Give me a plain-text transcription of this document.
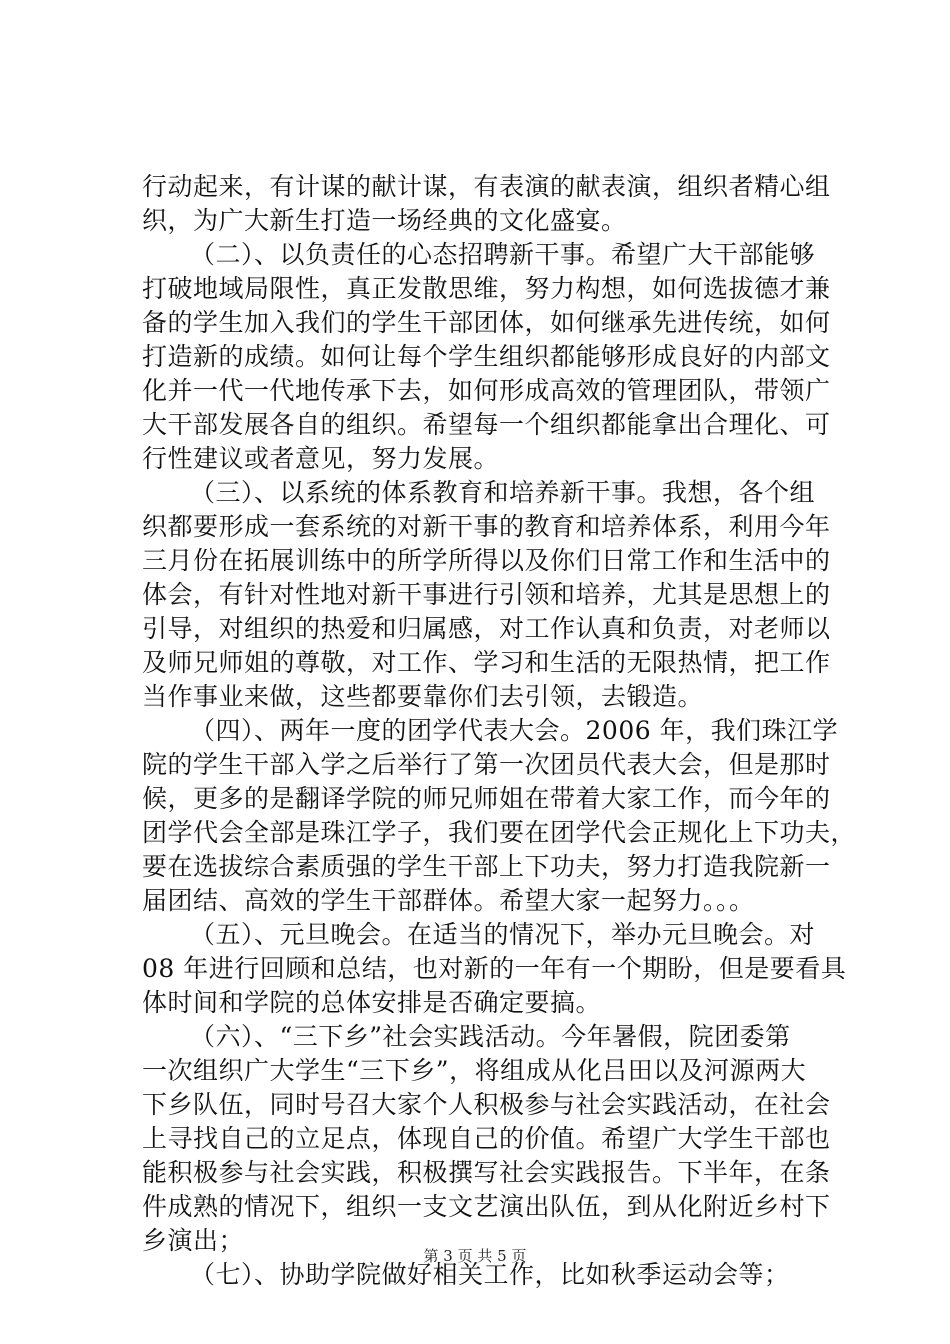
行动起来，有计谋的献计谋，有表演的献表演，组织者精心组
织，为广大新生打造一场经典的文化盛宴。
（二）、以负责任的心态招聘新干事。希望广大干部能够
打破地域局限性，真正发散思维，努力构想，如何选拔德才兼
备的学生加入我们的学生干部团体，如何继承先进传统，如何
打造新的成绩。如何让每个学生组织都能够形成良好的内部文
化并一代一代地传承下去，如何形成高效的管理团队，带领广
大干部发展各自的组织。希望每一个组织都能拿出合理化、可
行性建议或者意见，努力发展。
（三）、以系统的体系教育和培养新干事。我想，各个组
织都要形成一套系统的对新干事的教育和培养体系，利用今年
三月份在拓展训练中的所学所得以及你们日常工作和生活中的
体会，有针对性地对新干事进行引领和培养，尤其是思想上的
引导，对组织的热爱和归属感，对工作认真和负责，对老师以
及师兄师姐的尊敬，对工作、学习和生活的无限热情，把工作
当作事业来做，这些都要靠你们去引领，去锻造。
（四）、两年一度的团学代表大会。2006 年，我们珠江学
院的学生干部入学之后举行了第一次团员代表大会，但是那时
候，更多的是翻译学院的师兄师姐在带着大家工作，而今年的
团学代会全部是珠江学子，我们要在团学代会正规化上下功夫，
要在选拔综合素质强的学生干部上下功夫，努力打造我院新一
届团结、高效的学生干部群体。希望大家一起努力。。。
（五）、元旦晚会。在适当的情况下，举办元旦晚会。对
08 年进行回顾和总结，也对新的一年有一个期盼，但是要看具
体时间和学院的总体安排是否确定要搞。
（六）、“三下乡”社会实践活动。今年暑假，院团委第
一次组织广大学生“三下乡”，将组成从化吕田以及河源两大
下乡队伍，同时号召大家个人积极参与社会实践活动，在社会
上寻找自己的立足点，体现自己的价值。希望广大学生干部也
能积极参与社会实践，积极撰写社会实践报告。下半年，在条
件成熟的情况下，组织一支文艺演出队伍，到从化附近乡村下
乡演出；
（七）、协助学院做好相关工作，比如秋季运动会等；
第 3 页 共 5 页
